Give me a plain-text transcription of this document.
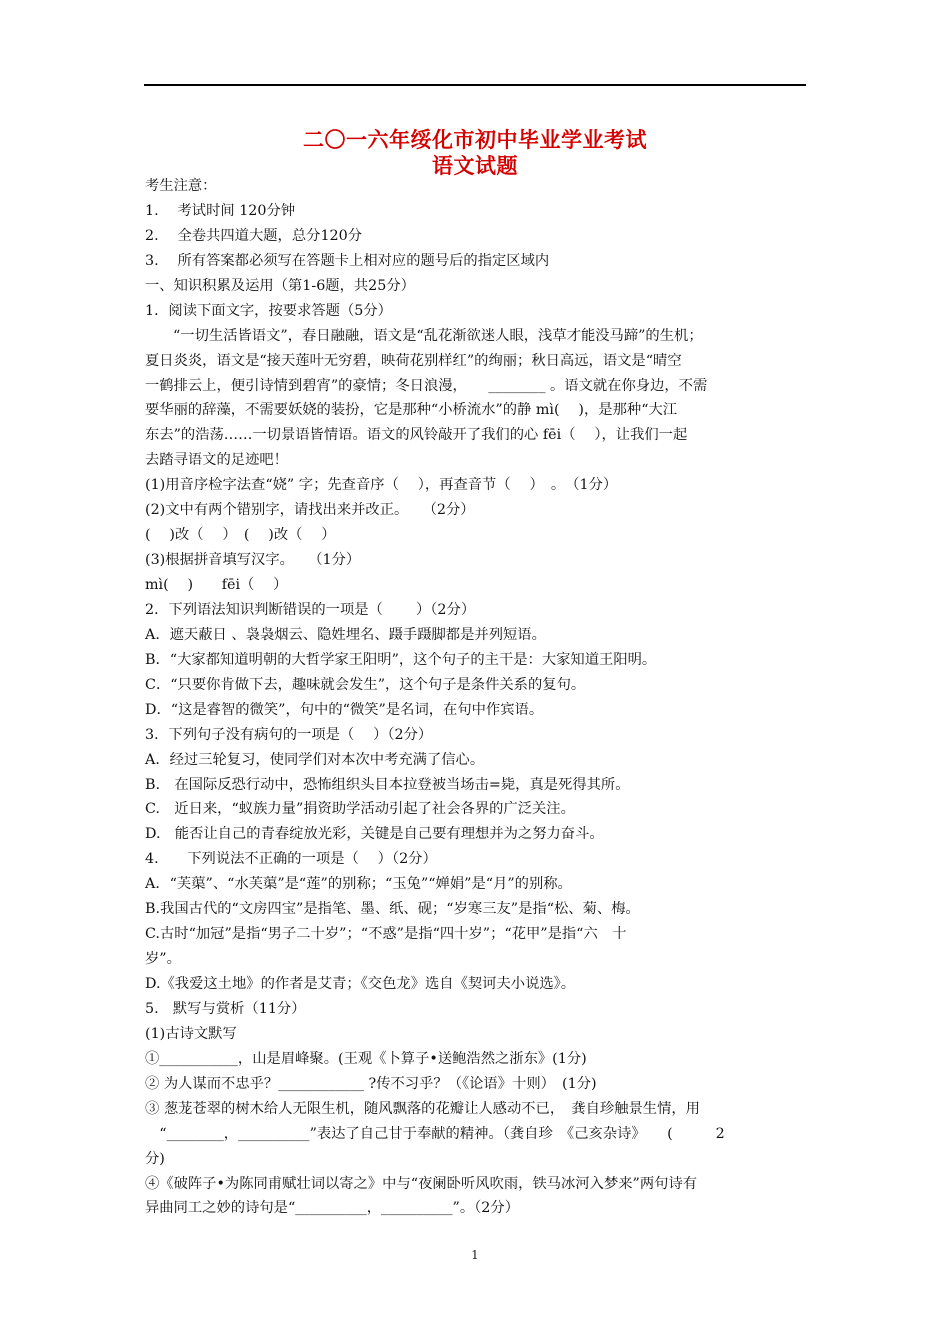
二〇一六年绥化市初中毕业学业考试
语文试题
考生注意：
1.　 考试时间 120分钟
2.　 全卷共四道大题，总分120分
3.　 所有答案都必须写在答题卡上相对应的题号后的指定区域内
一、知识积累及运用（第1-6题，共25分）
1．阅读下面文字，按要求答题（5分）
“一切生活皆语文”，春日融融，语文是“乱花渐欲迷人眼，浅草才能没马蹄”的生机；
夏日炎炎，语文是“接天莲叶无穷碧，映荷花别样红”的绚丽；秋日高远，语文是“晴空
一鹤排云上，便引诗情到碧宵”的豪情；冬日浪漫，　　________ 。语文就在你身边，不需
要华丽的辞藻，不需要妖娆的装扮，它是那种“小桥流水”的静 mì(　 )，是那种“大江
东去”的浩荡……一切景语皆情语。语文的风铃敲开了我们的心 fēi（　 ），让我们一起
去踏寻语文的足迹吧！
(1)用音序检字法查“娆” 字；先查音序（　 ），再查音节（　 ）　。　（1分）
(2)文中有两个错别字，请找出来并改正。　　（2分）
(　 )改（　 ）　(　 )改（　 ）
(3)根据拼音填写汉字。　　（1分）
mì(　 )　　fēi（　 ）
2．下列语法知识判断错误的一项是（　　 ）（2分）
A．遮天蔽日 、袅袅烟云、隐姓埋名、蹑手蹑脚都是并列短语。
B．“大家都知道明朝的大哲学家王阳明”，这个句子的主干是：大家知道王阳明。
C．“只要你肯做下去，趣味就会发生”，这个句子是条件关系的复句。
D．“这是睿智的微笑”，句中的“微笑”是名词，在句中作宾语。
3．下列句子没有病句的一项是（　 ）（2分）
A．经过三轮复习，使同学们对本次中考充满了信心。
B.　在国际反恐行动中，恐怖组织头目本拉登被当场击=毙，真是死得其所。
C.　近日来，“蚁族力量”捐资助学活动引起了社会各界的广泛关注。
D.　能否让自己的青春绽放光彩，关键是自己要有理想并为之努力奋斗。
4.　　下列说法不正确的一项是（　 ）（2分）
A．“芙蕖”、“水芙蕖”是“莲”的别称；“玉兔”“婵娟”是“月”的别称。
B.我国古代的“文房四宝”是指笔、墨、纸、砚；“岁寒三友”是指“松、菊、梅。
C.古时“加冠”是指“男子二十岁”；“不惑”是指“四十岁”；“花甲”是指“六　十
岁”。
D.《我爱这土地》的作者是艾青；《交色龙》选自《契诃夫小说选》。
5.　默写与赏析（11分）
(1)古诗文默写
①___________，山是眉峰聚。(王观《卜算子•送鲍浩然之浙东》(1分)
② 为人谋而不忠乎？____________ ?传不习乎？（《论语》十则）　(1分)
③ 葱茏苍翠的树木给人无限生机，随风飘落的花瓣让人感动不已，　龚自珍触景生情，用
　“________，__________”表达了自己甘于奉献的精神。（龚自珍　《己亥杂诗》　　(　　　2
分)
④《破阵子•为陈同甫赋壮词以寄之》中与“夜阑卧听风吹雨，铁马冰河入梦来”两句诗有
异曲同工之妙的诗句是“__________，__________”。（2分）
1
